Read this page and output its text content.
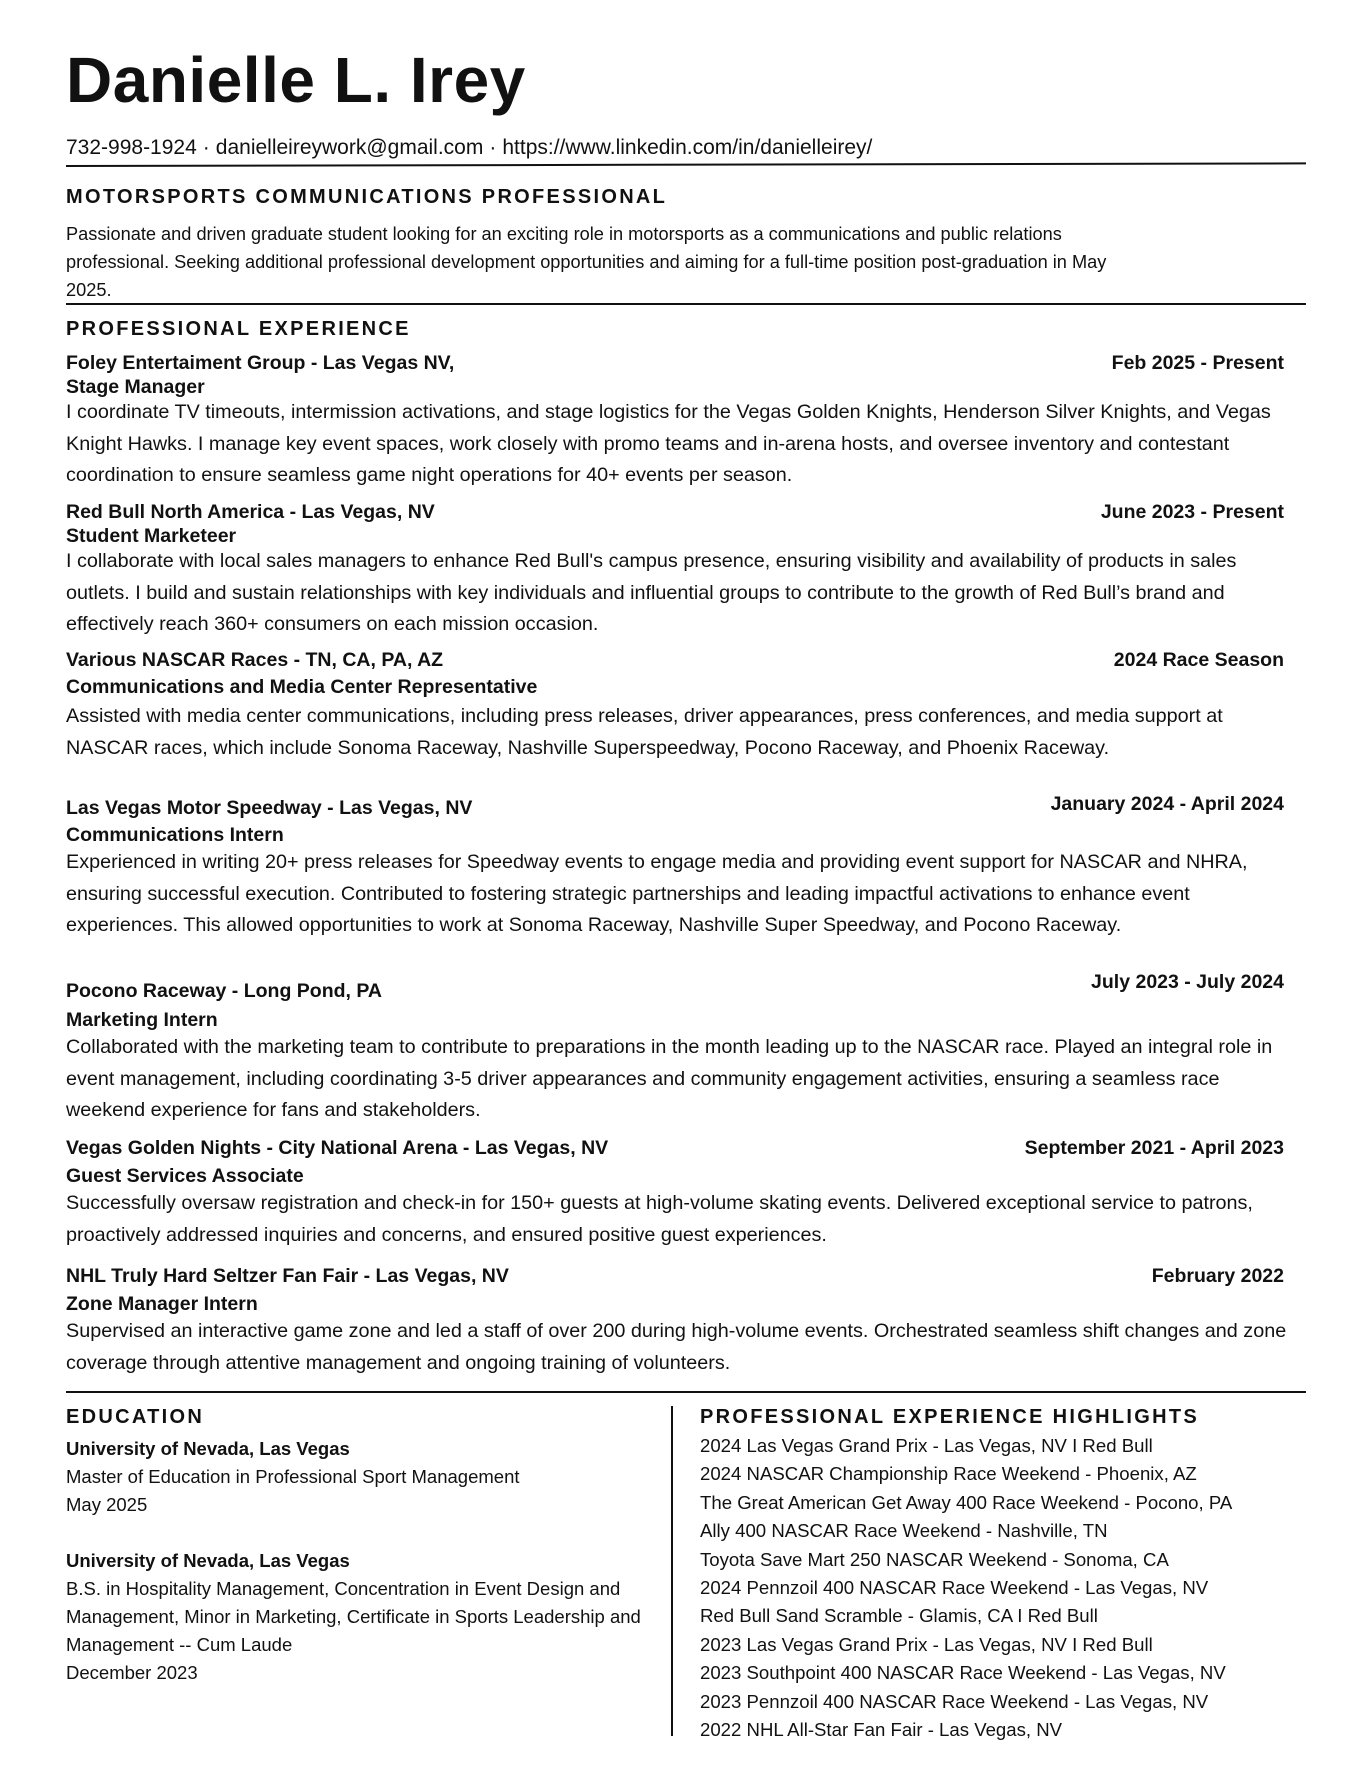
Danielle L. Irey
732-998-1924 · danielleireywork@gmail.com · https://www.linkedin.com/in/danielleirey/
MOTORSPORTS COMMUNICATIONS PROFESSIONAL
Passionate and driven graduate student looking for an exciting role in motorsports as a communications and public relations professional. Seeking additional professional development opportunities and aiming for a full-time position post-graduation in May 2025.
PROFESSIONAL EXPERIENCE
Foley Entertaiment Group - Las Vegas NV,	Feb 2025 - Present
Stage Manager
I coordinate TV timeouts, intermission activations, and stage logistics for the Vegas Golden Knights, Henderson Silver Knights, and Vegas Knight Hawks. I manage key event spaces, work closely with promo teams and in-arena hosts, and oversee inventory and contestant coordination to ensure seamless game night operations for 40+ events per season.
Red Bull North America - Las Vegas, NV	June 2023 - Present
Student Marketeer
I collaborate with local sales managers to enhance Red Bull's campus presence, ensuring visibility and availability of products in sales outlets. I build and sustain relationships with key individuals and influential groups to contribute to the growth of Red Bull’s brand and effectively reach 360+ consumers on each mission occasion.
Various NASCAR Races - TN, CA, PA, AZ	2024 Race Season
Communications and Media Center Representative
Assisted with media center communications, including press releases, driver appearances, press conferences, and media support at NASCAR races, which include Sonoma Raceway, Nashville Superspeedway, Pocono Raceway, and Phoenix Raceway.
Las Vegas Motor Speedway - Las Vegas, NV	January 2024 - April 2024
Communications Intern
Experienced in writing 20+ press releases for Speedway events to engage media and providing event support for NASCAR and NHRA, ensuring successful execution. Contributed to fostering strategic partnerships and leading impactful activations to enhance event experiences. This allowed opportunities to work at Sonoma Raceway, Nashville Super Speedway, and Pocono Raceway.
Pocono Raceway - Long Pond, PA	July 2023 - July 2024
Marketing Intern
Collaborated with the marketing team to contribute to preparations in the month leading up to the NASCAR race. Played an integral role in event management, including coordinating 3-5 driver appearances and community engagement activities, ensuring a seamless race weekend experience for fans and stakeholders.
Vegas Golden Nights - City National Arena - Las Vegas, NV	September 2021 - April 2023
Guest Services Associate
Successfully oversaw registration and check-in for 150+ guests at high-volume skating events. Delivered exceptional service to patrons, proactively addressed inquiries and concerns, and ensured positive guest experiences.
NHL Truly Hard Seltzer Fan Fair - Las Vegas, NV	February 2022
Zone Manager Intern
Supervised an interactive game zone and led a staff of over 200 during high-volume events. Orchestrated seamless shift changes and zone coverage through attentive management and ongoing training of volunteers.
EDUCATION
University of Nevada, Las Vegas
Master of Education in Professional Sport Management
May 2025
University of Nevada, Las Vegas
B.S. in Hospitality Management, Concentration in Event Design and Management, Minor in Marketing, Certificate in Sports Leadership and Management -- Cum Laude
December 2023
PROFESSIONAL EXPERIENCE HIGHLIGHTS
2024 Las Vegas Grand Prix - Las Vegas, NV I Red Bull
2024 NASCAR Championship Race Weekend - Phoenix, AZ
The Great American Get Away 400 Race Weekend - Pocono, PA
Ally 400 NASCAR Race Weekend - Nashville, TN
Toyota Save Mart 250 NASCAR Weekend - Sonoma, CA
2024 Pennzoil 400 NASCAR Race Weekend - Las Vegas, NV
Red Bull Sand Scramble - Glamis, CA I Red Bull
2023 Las Vegas Grand Prix - Las Vegas, NV I Red Bull
2023 Southpoint 400 NASCAR Race Weekend - Las Vegas, NV
2023 Pennzoil 400 NASCAR Race Weekend - Las Vegas, NV
2022 NHL All-Star Fan Fair - Las Vegas, NV
